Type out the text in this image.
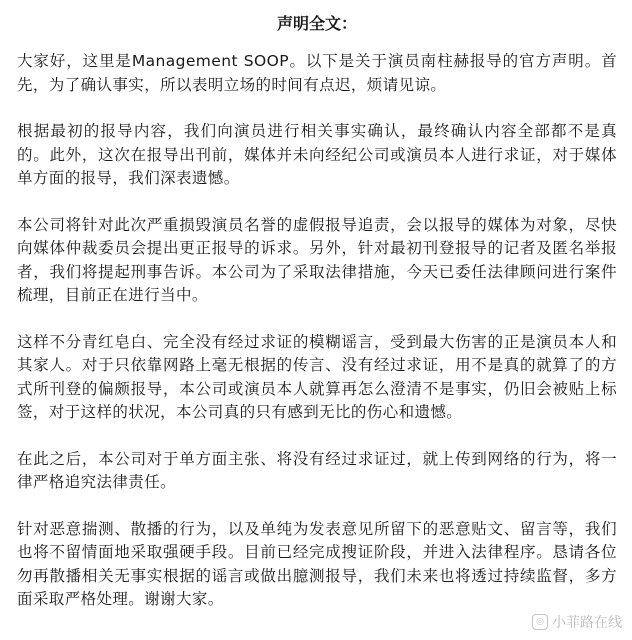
声明全文：

大家好，这里是Management SOOP。以下是关于演员南柱赫报导的官方声明。首先，为了确认事实，所以表明立场的时间有点迟，烦请见谅。

根据最初的报导内容，我们向演员进行相关事实确认，最终确认内容全部都不是真的。此外，这次在报导出刊前，媒体并未向经纪公司或演员本人进行求证，对于媒体单方面的报导，我们深表遗憾。

本公司将针对此次严重损毁演员名誉的虚假报导追责，会以报导的媒体为对象，尽快向媒体仲裁委员会提出更正报导的诉求。另外，针对最初刊登报导的记者及匿名举报者，我们将提起刑事告诉。本公司为了采取法律措施，今天已委任法律顾问进行案件梳理，目前正在进行当中。

这样不分青红皂白、完全没有经过求证的模糊谣言，受到最大伤害的正是演员本人和其家人。对于只依靠网路上毫无根据的传言、没有经过求证，用不是真的就算了的方式所刊登的偏颇报导，本公司或演员本人就算再怎么澄清不是事实，仍旧会被贴上标签，对于这样的状况，本公司真的只有感到无比的伤心和遗憾。

在此之后，本公司对于单方面主张、将没有经过求证过，就上传到网络的行为，将一律严格追究法律责任。

针对恶意揣测、散播的行为，以及单纯为发表意见所留下的恶意贴文、留言等，我们也将不留情面地采取强硬手段。目前已经完成搜证阶段，并进入法律程序。恳请各位勿再散播相关无事实根据的谣言或做出臆测报导，我们未来也将透过持续监督，多方面采取严格处理。谢谢大家。

◎ 小菲路在线
